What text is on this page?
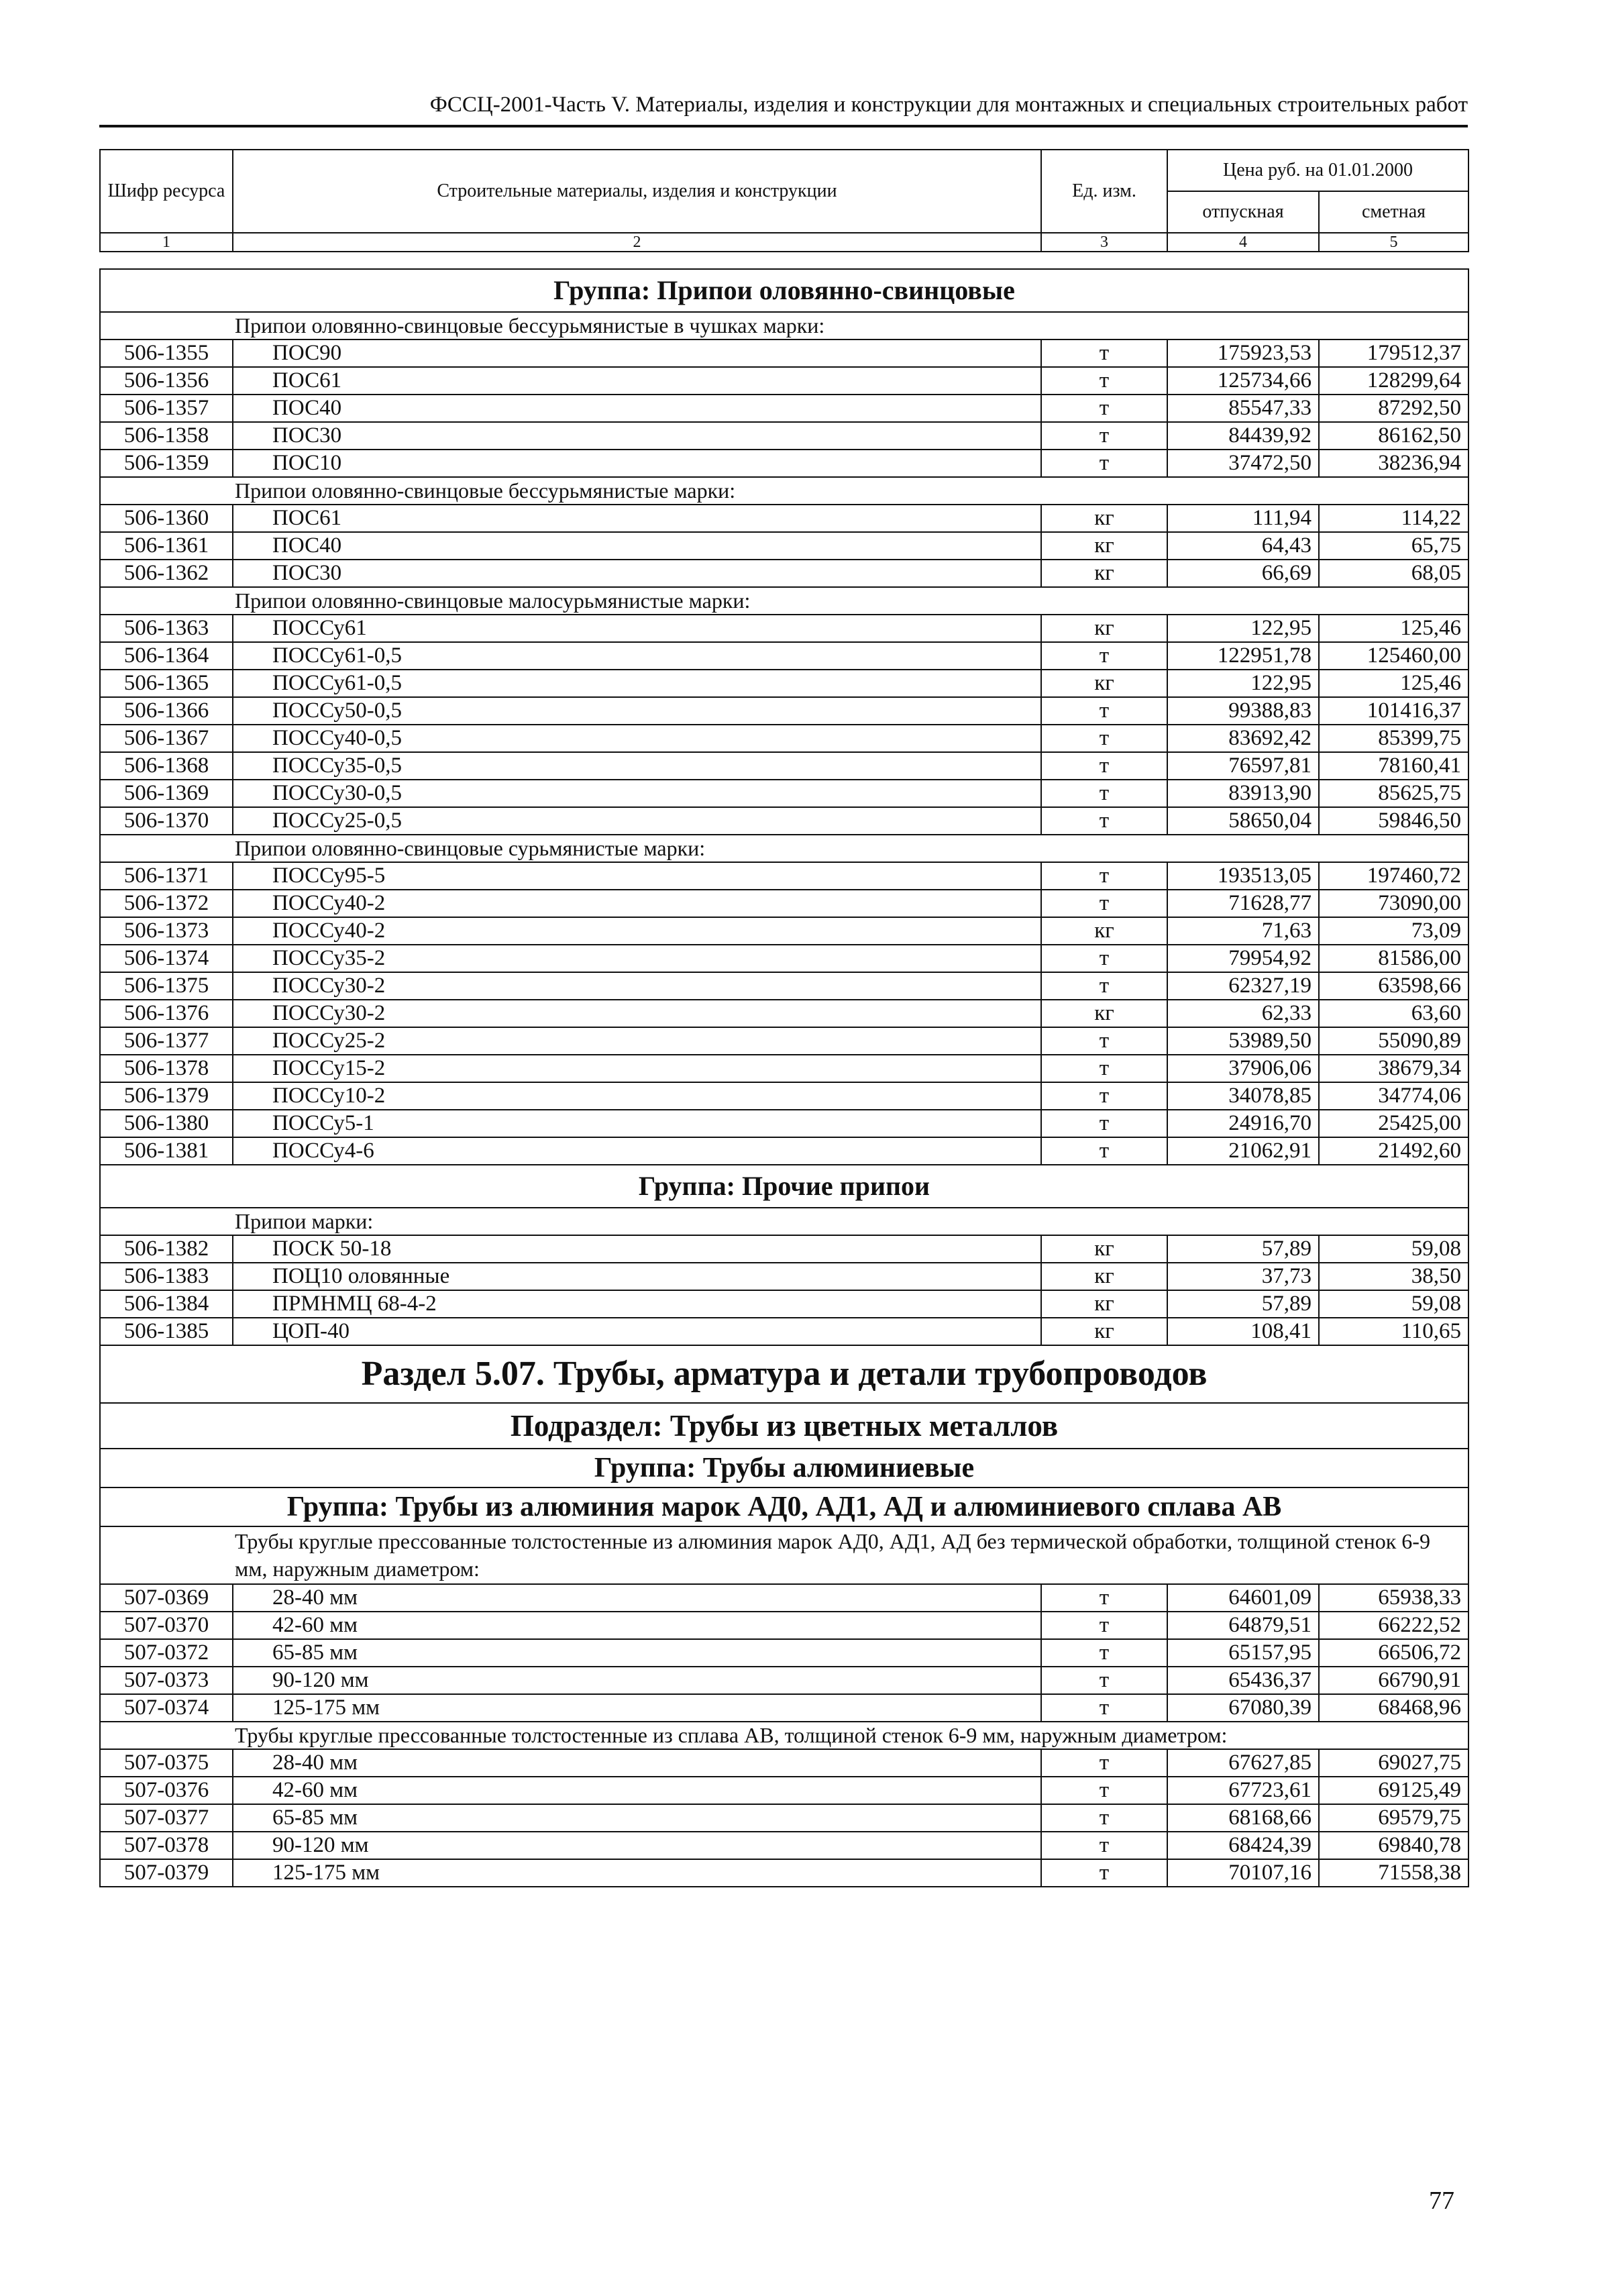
ФССЦ-2001-Часть V. Материалы, изделия и конструкции для монтажных и специальных строительных работ
Шифр ресурса	Строительные материалы, изделия и конструкции	Ед. изм.	Цена руб. на 01.01.2000	
			отпускная	сметная
1	2	3	4	5
Группа: Припои оловянно-свинцовые				
Припои оловянно-свинцовые бессурьмянистые в чушках марки:				
506-1355	ПОС90	т	175923,53	179512,37
506-1356	ПОС61	т	125734,66	128299,64
506-1357	ПОС40	т	85547,33	87292,50
506-1358	ПОС30	т	84439,92	86162,50
506-1359	ПОС10	т	37472,50	38236,94
Припои оловянно-свинцовые бессурьмянистые марки:				
506-1360	ПОС61	кг	111,94	114,22
506-1361	ПОС40	кг	64,43	65,75
506-1362	ПОС30	кг	66,69	68,05
Припои оловянно-свинцовые малосурьмянистые марки:				
506-1363	ПОССу61	кг	122,95	125,46
506-1364	ПОССу61-0,5	т	122951,78	125460,00
506-1365	ПОССу61-0,5	кг	122,95	125,46
506-1366	ПОССу50-0,5	т	99388,83	101416,37
506-1367	ПОССу40-0,5	т	83692,42	85399,75
506-1368	ПОССу35-0,5	т	76597,81	78160,41
506-1369	ПОССу30-0,5	т	83913,90	85625,75
506-1370	ПОССу25-0,5	т	58650,04	59846,50
Припои оловянно-свинцовые сурьмянистые марки:				
506-1371	ПОССу95-5	т	193513,05	197460,72
506-1372	ПОССу40-2	т	71628,77	73090,00
506-1373	ПОССу40-2	кг	71,63	73,09
506-1374	ПОССу35-2	т	79954,92	81586,00
506-1375	ПОССу30-2	т	62327,19	63598,66
506-1376	ПОССу30-2	кг	62,33	63,60
506-1377	ПОССу25-2	т	53989,50	55090,89
506-1378	ПОССу15-2	т	37906,06	38679,34
506-1379	ПОССу10-2	т	34078,85	34774,06
506-1380	ПОССу5-1	т	24916,70	25425,00
506-1381	ПОССу4-6	т	21062,91	21492,60
Группа: Прочие припои				
Припои марки:				
506-1382	ПОСК 50-18	кг	57,89	59,08
506-1383	ПОЦ10 оловянные	кг	37,73	38,50
506-1384	ПРМНМЦ 68-4-2	кг	57,89	59,08
506-1385	ЦОП-40	кг	108,41	110,65
Раздел 5.07. Трубы, арматура и детали трубопроводов				
Подраздел: Трубы из цветных металлов				
Группа: Трубы алюминиевые				
Группа: Трубы из алюминия марок АД0, АД1, АД и алюминиевого сплава АВ				
Трубы круглые прессованные толстостенные из алюминия марок АД0, АД1, АД без термической обработки, толщиной стенок 6-9 мм, наружным диаметром:				
507-0369	28-40 мм	т	64601,09	65938,33
507-0370	42-60 мм	т	64879,51	66222,52
507-0372	65-85 мм	т	65157,95	66506,72
507-0373	90-120 мм	т	65436,37	66790,91
507-0374	125-175 мм	т	67080,39	68468,96
Трубы круглые прессованные толстостенные из сплава АВ, толщиной стенок 6-9 мм, наружным диаметром:				
507-0375	28-40 мм	т	67627,85	69027,75
507-0376	42-60 мм	т	67723,61	69125,49
507-0377	65-85 мм	т	68168,66	69579,75
507-0378	90-120 мм	т	68424,39	69840,78
507-0379	125-175 мм	т	70107,16	71558,38
77
